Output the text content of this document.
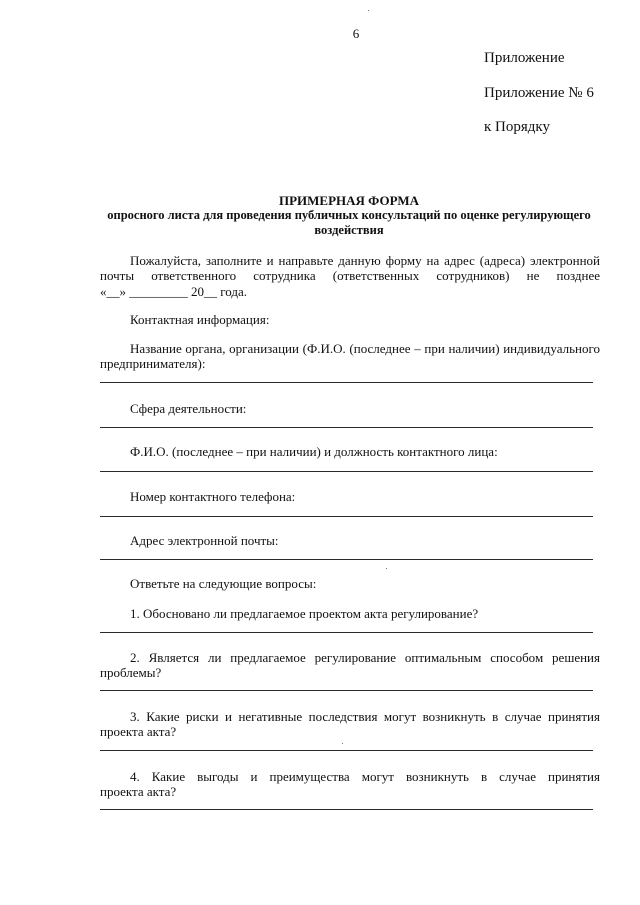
6

Приложение

Приложение № 6

к Порядку

ПРИМЕРНАЯ ФОРМА

опросного листа для проведения публичных консультаций по оценке регулирующего

воздействия

Пожалуйста, заполните и направьте данную форму на адрес (адреса) электронной

почты ответственного сотрудника (ответственных сотрудников) не позднее

«__» _________ 20__ года.

Контактная информация:

Название органа, организации (Ф.И.О. (последнее – при наличии) индивидуального

предпринимателя):

Сфера деятельности:

Ф.И.О. (последнее – при наличии) и должность контактного лица:

Номер контактного телефона:

Адрес электронной почты:

Ответьте на следующие вопросы:

1. Обосновано ли предлагаемое проектом акта регулирование?

2. Является ли предлагаемое регулирование оптимальным способом решения

проблемы?

3. Какие риски и негативные последствия могут возникнуть в случае принятия

проекта акта?

4. Какие выгоды и преимущества могут возникнуть в случае принятия

проекта акта?
